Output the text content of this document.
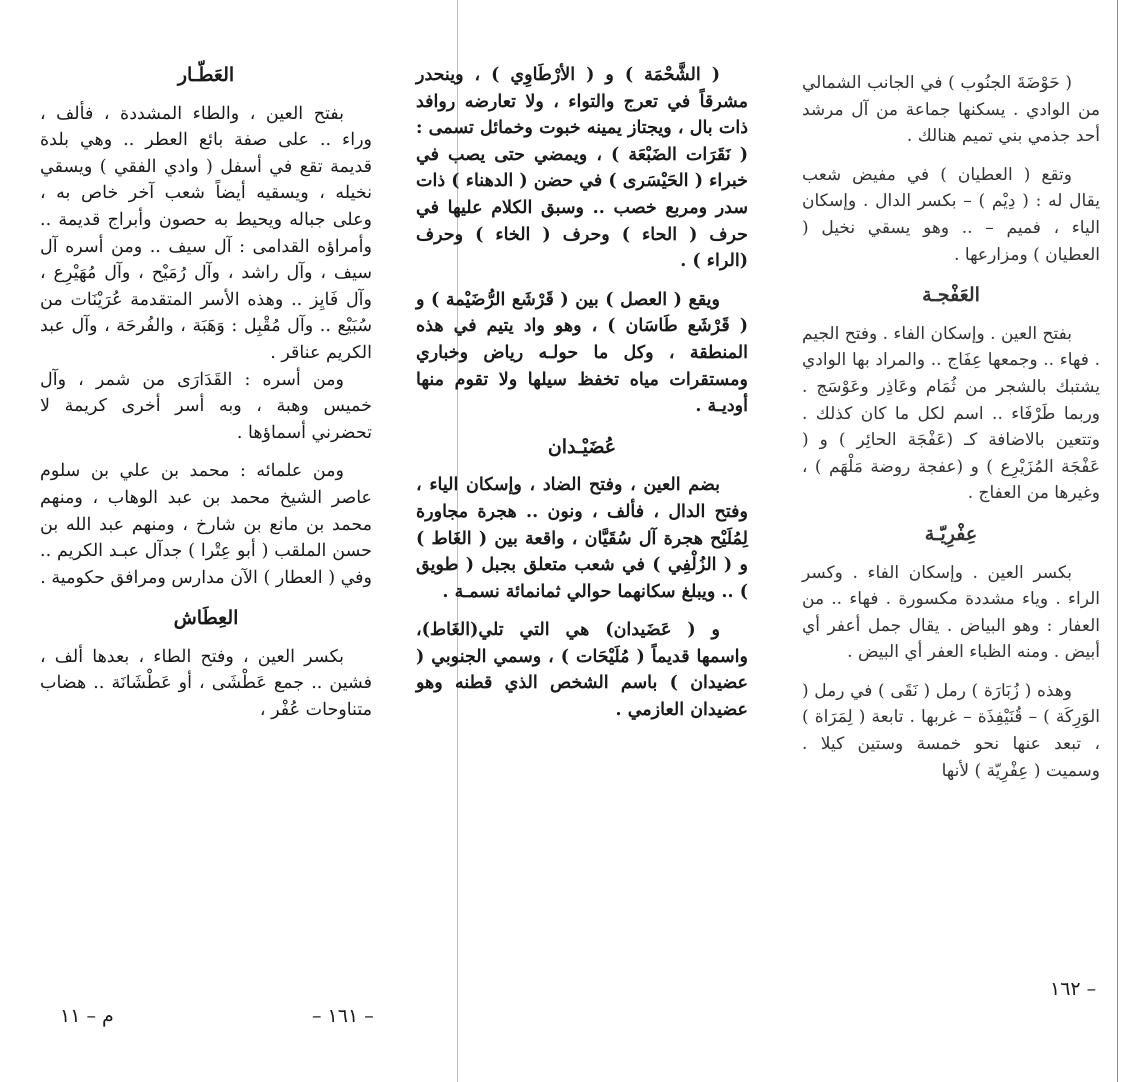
( حَوْضَةَ الجنُوب ) في الجانب الشمالي من الوادي . يسكنها جماعة من آل مرشد أحد جذمي بني تميم هنالك .

وتقع ( العطيان ) في مفيض شعب يقال له : ( دِيْم ) – بكسر الدال . وإسكان الياء ، فميم – .. وهو يسقي نخيل ( العطيان ) ومزارعها .

العَفْجـة

بفتح العين . وإسكان الفاء . وفتح الجيم . فهاء .. وجمعها عِفَاج .. والمراد بها الوادي يشتبك بالشجر من ثُمَام وعَاذِر وعَوْسَج . وربما طَرْفَاء .. اسم لكل ما كان كذلك . وتتعين بالاضافة كـ (عَفْجَة الحائِر ) و ( عَفْجَة المُزَيْرِع ) و (عفجة روضة مَلْهَم ) ، وغيرها من العفاج .

عِفْرِيّـة

بكسر العين . وإسكان الفاء . وكسر الراء . وياء مشددة مكسورة . فهاء .. من العفار : وهو البياض . يقال جمل أعفر أي أبيض . ومنه الظباء العفر أي البيض .

وهذه ( زُبَارَة ) رمل ( نَقَى ) في رمل ( الوَرِكَة ) – قُنَيْفِذَة – غربها . تابعة ( لِمَرَاة ) ، تبعد عنها نحو خمسة وستين كيلا . وسميت ( عِفْرِيّة ) لأنها

( الشَّحْمَة ) و ( الأرْطَاوِي ) ، وينحدر مشرقاً في تعرج والتواء ، ولا تعارضه روافد ذات بال ، ويجتاز يمينه خبوت وخمائل تسمى : ( نَقَرَات الضَبْعَة ) ، ويمضي حتى يصب في خبراء ( الحَيْسَرى ) في حضن ( الدهناء ) ذات سدر ومربع خصب .. وسبق الكلام عليها في حرف ( الحاء ) وحرف ( الخاء ) وحرف (الراء ) .

ويقع ( العصل ) بين ( قَرْشَع الرُّضَيْمة ) و ( قَرْشَع طَاسَان ) ، وهو واد يتيم في هذه المنطقة ، وكل ما حولـه رياض وخباري ومستقرات مياه تخفظ سيلها ولا تقوم منها أوديـة .

عُضَيْـدان

بضم العين ، وفتح الضاد ، وإسكان الياء ، وفتح الدال ، فألف ، ونون .. هجرة مجاورة لِمُلَيْح هجرة آل سُقَيَّان ، واقعة بين ( الغَاط ) و ( الزُلْفِي ) في شعب متعلق بجبل ( طويق ) .. ويبلغ سكانهما حوالي ثمانمائة نسمـة .

و ( عَضَيدان) هي التي تلي(الغَاط)، واسمها قديماً ( مُلَيْحَات ) ، وسمي الجنوبي ( عضيدان ) باسم الشخص الذي قطنه وهو عضيدان العازمي .

العَطّـار

بفتح العين ، والطاء المشددة ، فألف ، وراء .. على صفة بائع العطر .. وهي بلدة قديمة تقع في أسفل ( وادي الفقي ) ويسقي نخيله ، ويسقيه أيضاً شعب آخر خاص به ، وعلى جباله ويحيط به حصون وأبراج قديمة .. وأمراؤه القدامى : آل سيف .. ومن أسره آل سيف ، وآل راشد ، وآل رُمَيْح ، وآل مُهَيْرِع ، وآل فَايِز .. وهذه الأسر المتقدمة عُرَيْنَات من سُبَيْع .. وآل مُقْبِل : وَهَبَة ، والفُرحَة ، وآل عبد الكريم عناقر .

ومن أسره : القَدَارَى من شمر ، وآل خميس وهبة ، وبه أسر أخرى كريمة لا تحضرني أسماؤها .

ومن علمائه : محمد بن علي بن سلوم عاصر الشيخ محمد بن عبد الوهاب ، ومنهم محمد بن مانع بن شارخ ، ومنهم عبد الله بن حسن الملقب ( أبو عِتْرا ) جدآل عبـد الكريم .. وفي ( العطار ) الآن مدارس ومرافق حكومية .

العِطَاش

بكسر العين ، وفتح الطاء ، بعدها ألف ، فشين .. جمع عَطْشَى ، أو عَطْشَانَة .. هضاب متناوحات عُفْر ،

م – ١١	– ١٦١ –
– ١٦٢
